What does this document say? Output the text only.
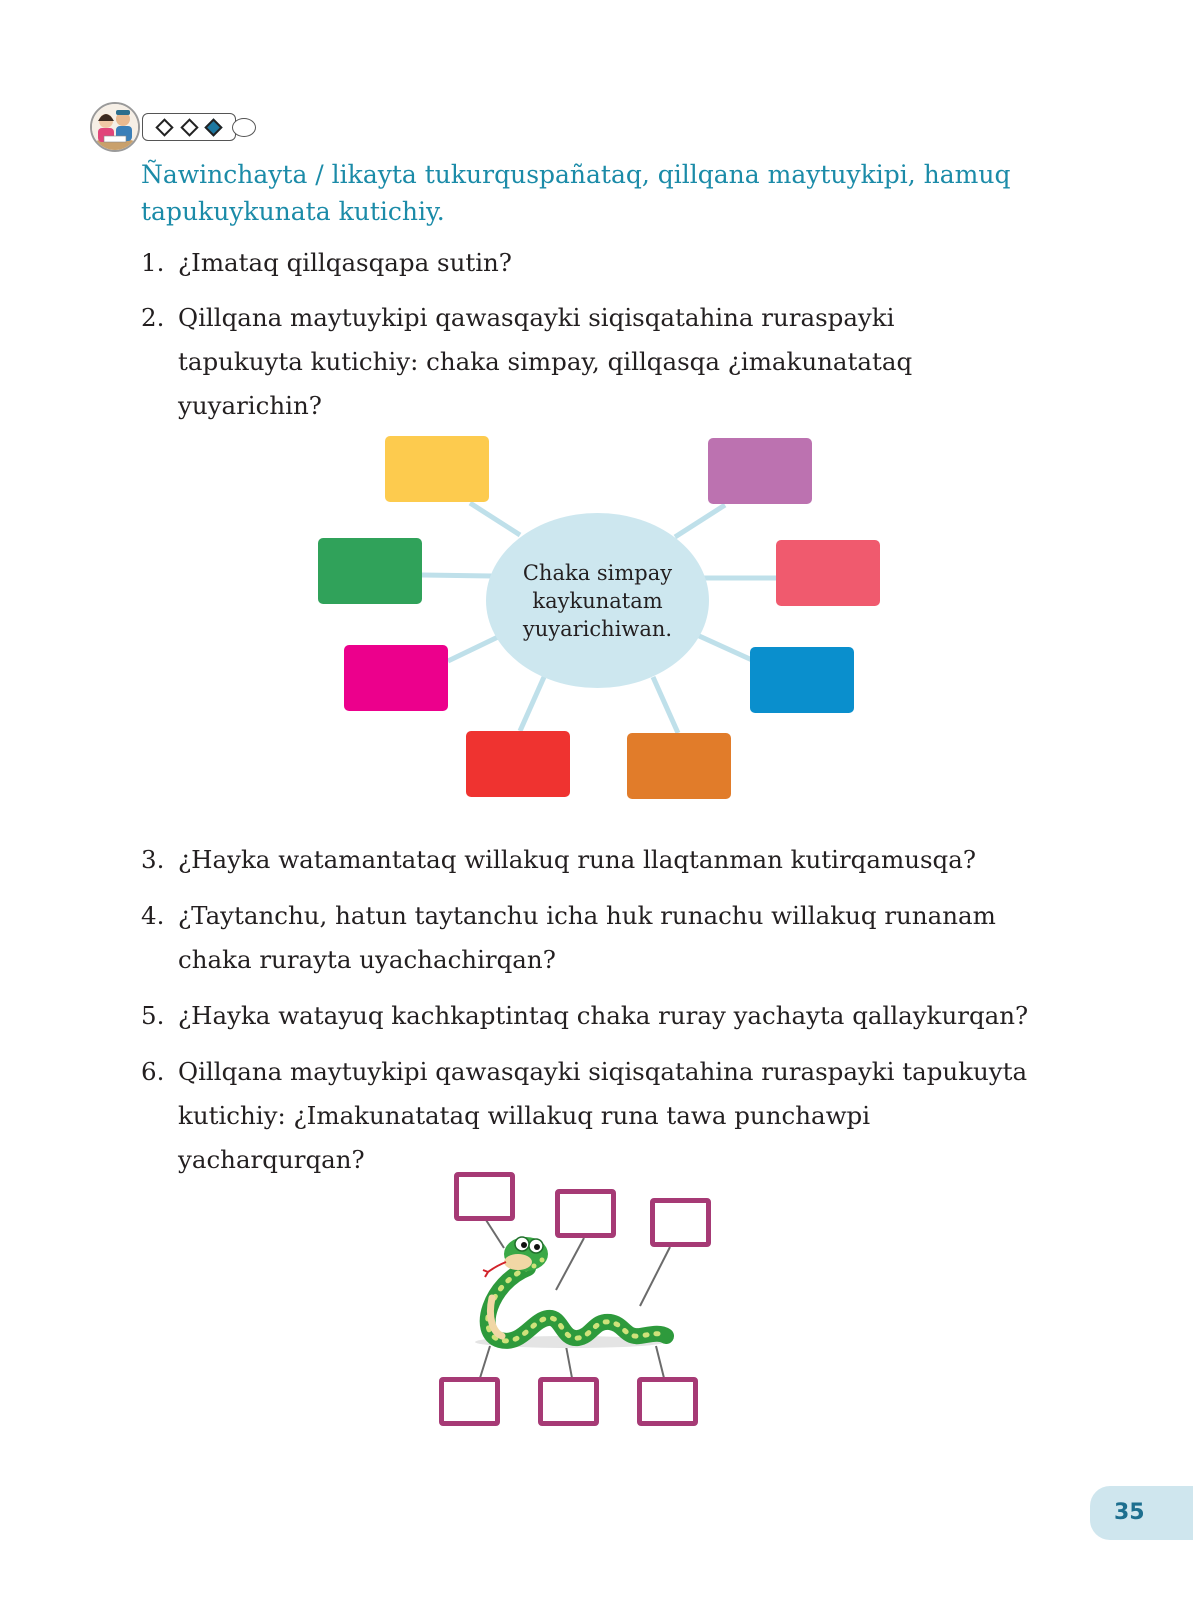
Ñawinchayta / likayta tukurquspañataq, qillqana maytuykipi, hamuq tapukuykunata kutichiy.
1. ¿Imataq qillqasqapa sutin?
2. Qillqana maytuykipi qawasqayki siqisqatahina ruraspayki tapukuyta kutichiy: chaka simpay, qillqasqa ¿imakunatataq yuyarichin?
Chaka simpay kaykunatam yuyarichiwan.
3. ¿Hayka watamantataq willakuq runa llaqtanman kutirqamusqa?
4. ¿Taytanchu, hatun taytanchu icha huk runachu willakuq runanam chaka rurayta uyachachirqan?
5. ¿Hayka watayuq kachkaptintaq chaka ruray yachayta qallaykurqan?
6. Qillqana maytuykipi qawasqayki siqisqatahina ruraspayki tapukuyta kutichiy: ¿Imakunatataq willakuq runa tawa punchawpi yacharqurqan?
35
